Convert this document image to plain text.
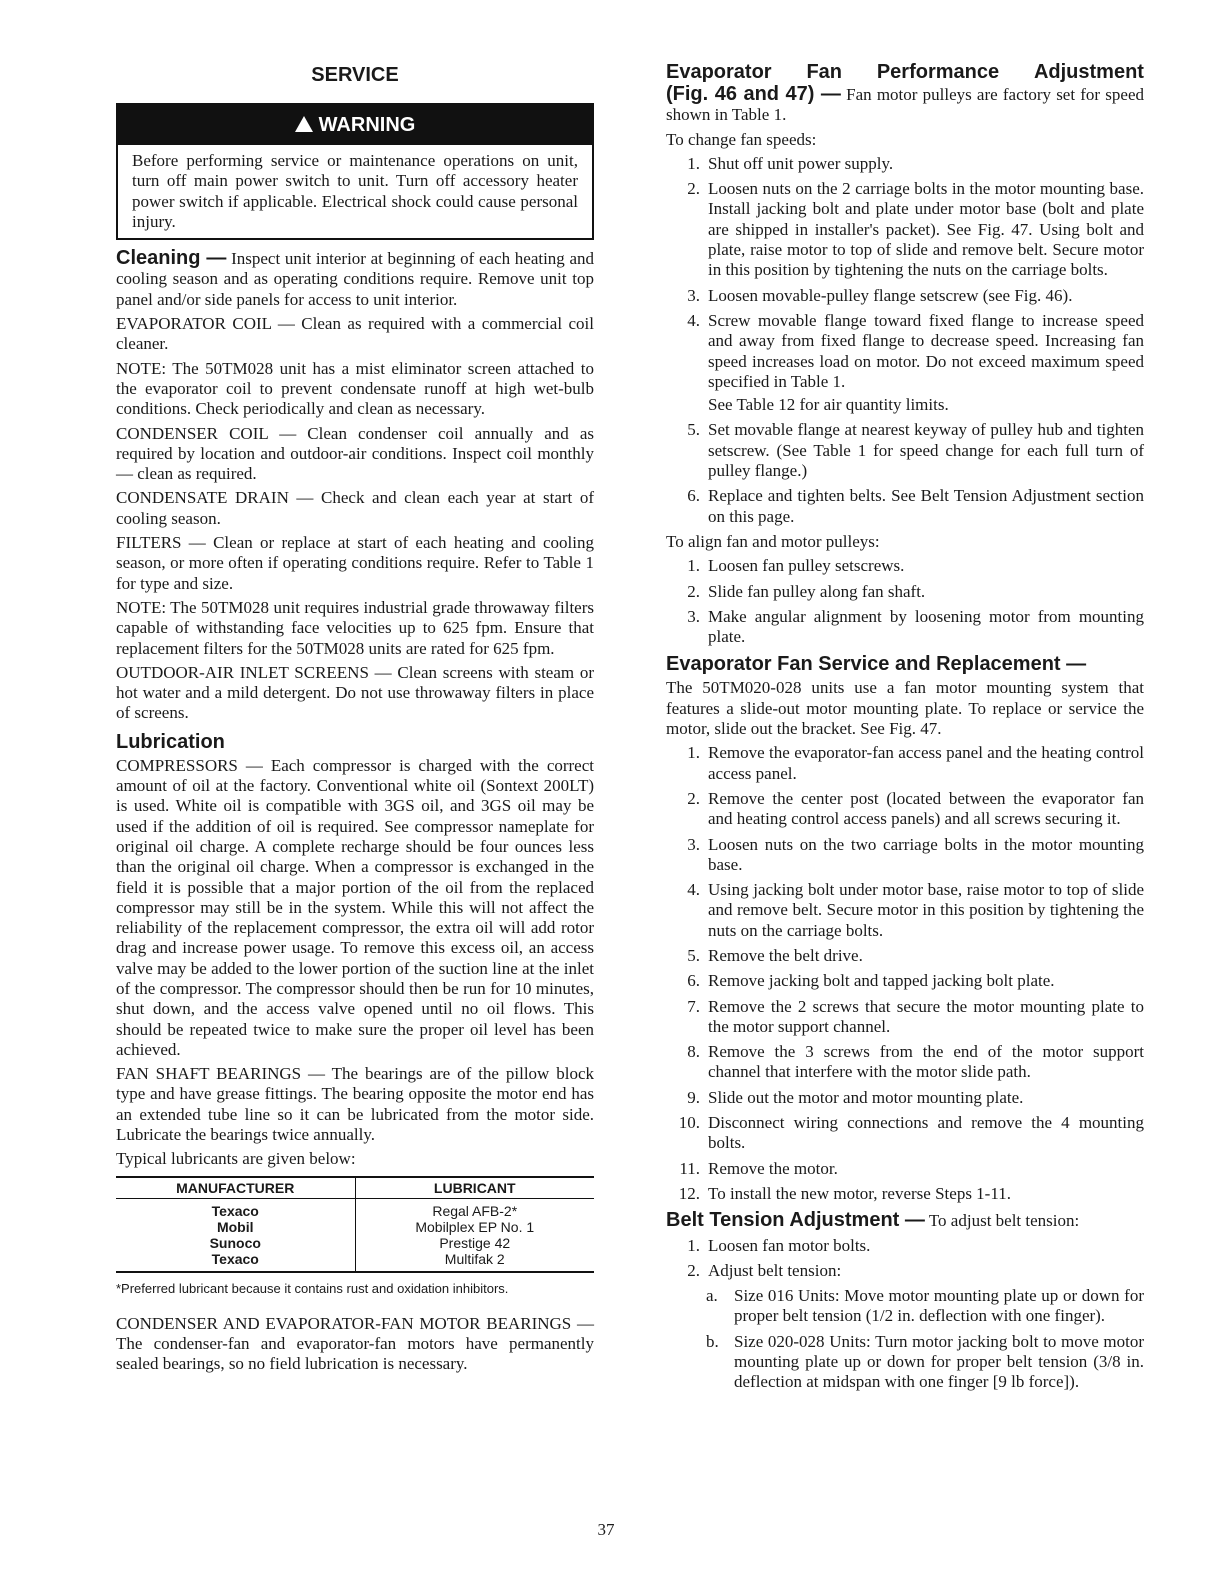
SERVICE
!WARNING
Before performing service or maintenance operations on unit, turn off main power switch to unit. Turn off accessory heater power switch if applicable. Electrical shock could cause personal injury.

Cleaning — Inspect unit interior at beginning of each heating and cooling season and as operating conditions require. Remove unit top panel and/or side panels for access to unit interior.

EVAPORATOR COIL — Clean as required with a commercial coil cleaner.

NOTE: The 50TM028 unit has a mist eliminator screen attached to the evaporator coil to prevent condensate runoff at high wet-bulb conditions. Check periodically and clean as necessary.

CONDENSER COIL — Clean condenser coil annually and as required by location and outdoor-air conditions. Inspect coil monthly — clean as required.

CONDENSATE DRAIN — Check and clean each year at start of cooling season.

FILTERS — Clean or replace at start of each heating and cooling season, or more often if operating conditions require. Refer to Table 1 for type and size.

NOTE: The 50TM028 unit requires industrial grade throwaway filters capable of withstanding face velocities up to 625 fpm. Ensure that replacement filters for the 50TM028 units are rated for 625 fpm.

OUTDOOR-AIR INLET SCREENS — Clean screens with steam or hot water and a mild detergent. Do not use throwaway filters in place of screens.

Lubrication

COMPRESSORS — Each compressor is charged with the correct amount of oil at the factory. Conventional white oil (Sontext 200LT) is used. White oil is compatible with 3GS oil, and 3GS oil may be used if the addition of oil is required. See compressor nameplate for original oil charge. A complete recharge should be four ounces less than the original oil charge. When a compressor is exchanged in the field it is possible that a major portion of the oil from the replaced compressor may still be in the system. While this will not affect the reliability of the replacement compressor, the extra oil will add rotor drag and increase power usage. To remove this excess oil, an access valve may be added to the lower portion of the suction line at the inlet of the compressor. The compressor should then be run for 10 minutes, shut down, and the access valve opened until no oil flows. This should be repeated twice to make sure the proper oil level has been achieved.

FAN SHAFT BEARINGS — The bearings are of the pillow block type and have grease fittings. The bearing opposite the motor end has an extended tube line so it can be lubricated from the motor side. Lubricate the bearings twice annually.

Typical lubricants are given below:

MANUFACTURER	LUBRICANT
Texaco	Regal AFB-2*
Mobil	Mobilplex EP No. 1
Sunoco	Prestige 42
Texaco	Multifak 2
*Preferred lubricant because it contains rust and oxidation inhibitors.

CONDENSER AND EVAPORATOR-FAN MOTOR BEARINGS — The condenser-fan and evaporator-fan motors have permanently sealed bearings, so no field lubrication is necessary.

Evaporator Fan Performance Adjustment

(Fig. 46 and 47) — Fan motor pulleys are factory set for speed shown in Table 1.

To change fan speeds:

1. Shut off unit power supply.
2. Loosen nuts on the 2 carriage bolts in the motor mounting base. Install jacking bolt and plate under motor base (bolt and plate are shipped in installer's packet). See Fig. 47. Using bolt and plate, raise motor to top of slide and remove belt. Secure motor in this position by tightening the nuts on the carriage bolts.
3. Loosen movable-pulley flange setscrew (see Fig. 46).
4. Screw movable flange toward fixed flange to increase speed and away from fixed flange to decrease speed. Increasing fan speed increases load on motor. Do not exceed maximum speed specified in Table 1.
See Table 12 for air quantity limits.
5. Set movable flange at nearest keyway of pulley hub and tighten setscrew. (See Table 1 for speed change for each full turn of pulley flange.)
6. Replace and tighten belts. See Belt Tension Adjustment section on this page.

To align fan and motor pulleys:

1. Loosen fan pulley setscrews.
2. Slide fan pulley along fan shaft.
3. Make angular alignment by loosening motor from mounting plate.
Evaporator Fan Service and Replacement —

The 50TM020-028 units use a fan motor mounting system that features a slide-out motor mounting plate. To replace or service the motor, slide out the bracket. See Fig. 47.

1. Remove the evaporator-fan access panel and the heating control access panel.
2. Remove the center post (located between the evaporator fan and heating control access panels) and all screws securing it.
3. Loosen nuts on the two carriage bolts in the motor mounting base.
4. Using jacking bolt under motor base, raise motor to top of slide and remove belt. Secure motor in this position by tightening the nuts on the carriage bolts.
5. Remove the belt drive.
6. Remove jacking bolt and tapped jacking bolt plate.
7. Remove the 2 screws that secure the motor mounting plate to the motor support channel.
8. Remove the 3 screws from the end of the motor support channel that interfere with the motor slide path.
9. Slide out the motor and motor mounting plate.
10. Disconnect wiring connections and remove the 4 mounting bolts.
11. Remove the motor.
12. To install the new motor, reverse Steps 1-11.

Belt Tension Adjustment — To adjust belt tension:

1. Loosen fan motor bolts.
2. Adjust belt tension:
a. Size 016 Units: Move motor mounting plate up or down for proper belt tension (1/2 in. deflection with one finger).
b. Size 020-028 Units: Turn motor jacking bolt to move motor mounting plate up or down for proper belt tension (3/8 in. deflection at midspan with one finger [9 lb force]).
37
